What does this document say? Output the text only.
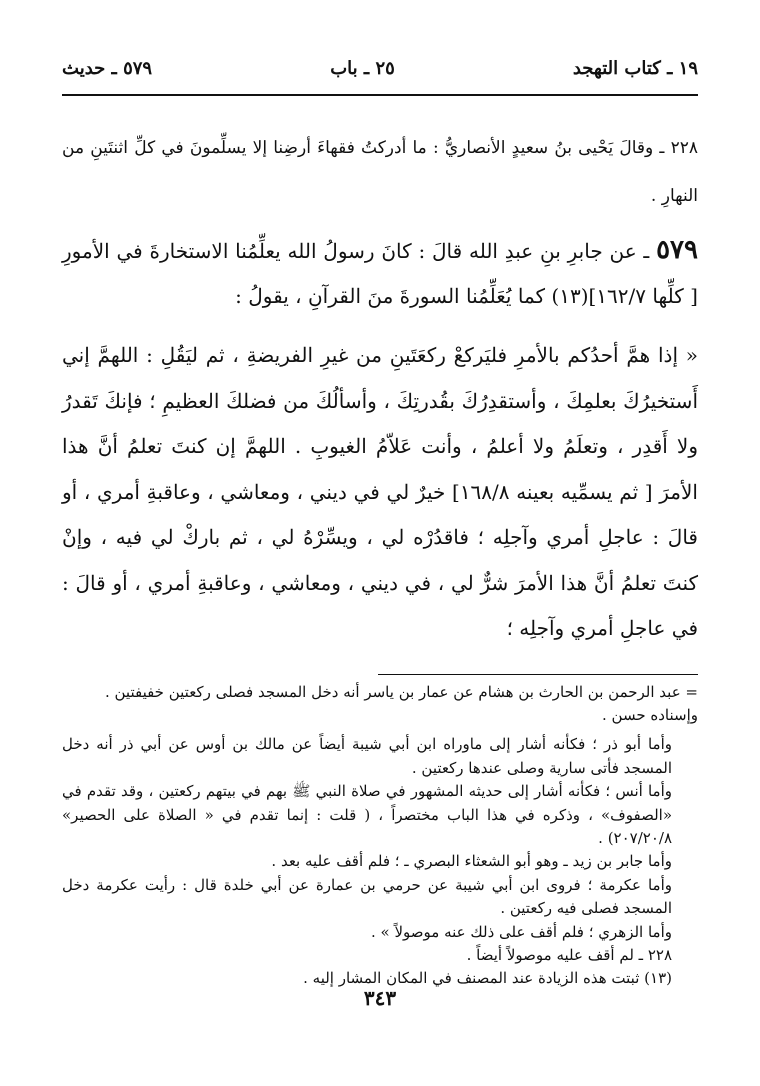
١٩ ـ كتاب التهجد
٢٥ ـ باب
٥٧٩ ـ حديث

٢٢٨ ـ وقالَ يَحْيى بنُ سعيدٍ الأنصاريُّ : ما أدركتُ فقهاءَ أرضِنا إلا يسلِّمونَ في كلِّ اثنتَينِ من النهارِ .

٥٧٩ ـ عن جابرِ بنِ عبدِ الله قالَ : كانَ رسولُ الله يعلِّمُنا الاستخارةَ في الأمورِ [ كلِّها ١٦٢/٧](١٣) كما يُعَلِّمُنا السورةَ منَ القرآنِ ، يقولُ :

« إذا همَّ أحدُكم بالأمرِ فليَركعْ ركعَتَينِ من غيرِ الفريضةِ ، ثم ليَقُلِ : اللهمَّ إني أَستخيرُكَ بعلمِكَ ، وأستقدِرُكَ بقُدرتِكَ ، وأسألُكَ من فضلكَ العظيمِ ؛ فإنكَ تَقدرُ ولا أَقدِر ، وتعلَمُ ولا أعلمُ ، وأنت عَلاّمُ الغيوبِ . اللهمَّ إن كنتَ تعلمُ أنَّ هذا الأمرَ [ ثم يسمِّيه بعينه ١٦٨/٨] خيرٌ لي في ديني ، ومعاشي ، وعاقبةِ أمري ، أو قالَ : عاجلِ أمري وآجلِه ؛ فاقدُرْه لي ، ويسِّرْهُ لي ، ثم باركْ لي فيه ، وإنْ كنتَ تعلمُ أنَّ هذا الأمرَ شرٌّ لي ، في ديني ، ومعاشي ، وعاقبةِ أمري ، أو قالَ : في عاجلِ أمري وآجلِه ؛

= عبد الرحمن بن الحارث بن هشام عن عمار بن ياسر أنه دخل المسجد فصلى ركعتين خفيفتين .

وإسناده حسن .

وأما أبو ذر ؛ فكأنه أشار إلى ماوراه ابن أبي شيبة أيضاً عن مالك بن أوس عن أبي ذر أنه دخل المسجد فأتى سارية وصلى عندها ركعتين .

وأما أنس ؛ فكأنه أشار إلى حديثه المشهور في صلاة النبي ﷺ بهم في بيتهم ركعتين ، وقد تقدم في «الصفوف» ، وذكره في هذا الباب مختصراً ، ( قلت : إنما تقدم في « الصلاة على الحصير» ٢٠٧/٢٠/٨) .

وأما جابر بن زيد ـ وهو أبو الشعثاء البصري ـ ؛ فلم أقف عليه بعد .

وأما عكرمة ؛ فروى ابن أبي شيبة عن حرمي بن عمارة عن أبي خلدة قال : رأيت عكرمة دخل المسجد فصلى فيه ركعتين .

وأما الزهري ؛ فلم أقف على ذلك عنه موصولاً » .

٢٢٨ ـ لم أقف عليه موصولاً أيضاً .

(١٣) ثبتت هذه الزيادة عند المصنف في المكان المشار إليه .

٣٤٣
